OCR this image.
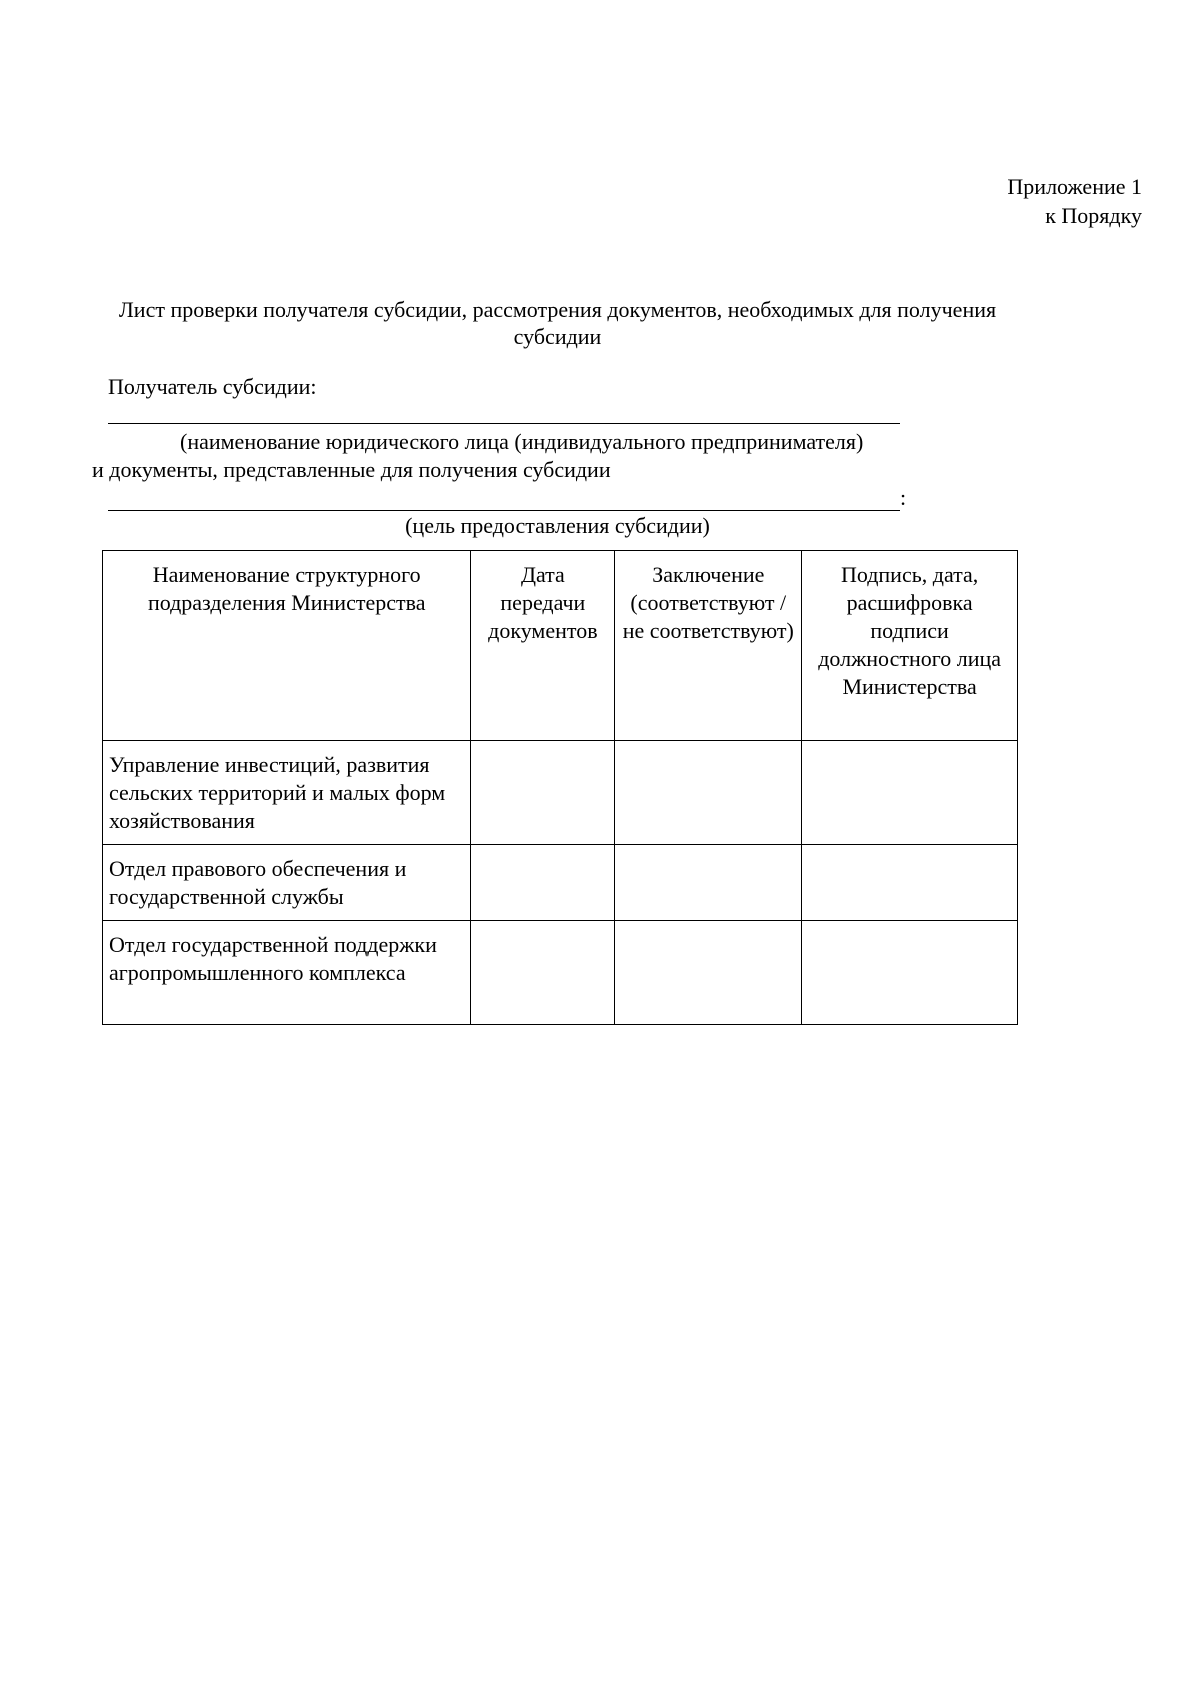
Приложение 1
к Порядку
Лист проверки получателя субсидии, рассмотрения документов, необходимых для получения субсидии
Получатель субсидии:
(наименование юридического лица (индивидуального предпринимателя)
и документы, представленные для получения субсидии
:
(цель предоставления субсидии)
Наименование структурного подразделения Министерства	Дата передачи документов	Заключение (соответствуют / не соответствуют)	Подпись, дата, расшифровка подписи должностного лица Министерства
Управление инвестиций, развития сельских территорий и малых форм хозяйствования			
Отдел правового обеспечения и государственной службы			
Отдел государственной поддержки агропромышленного комплекса			
